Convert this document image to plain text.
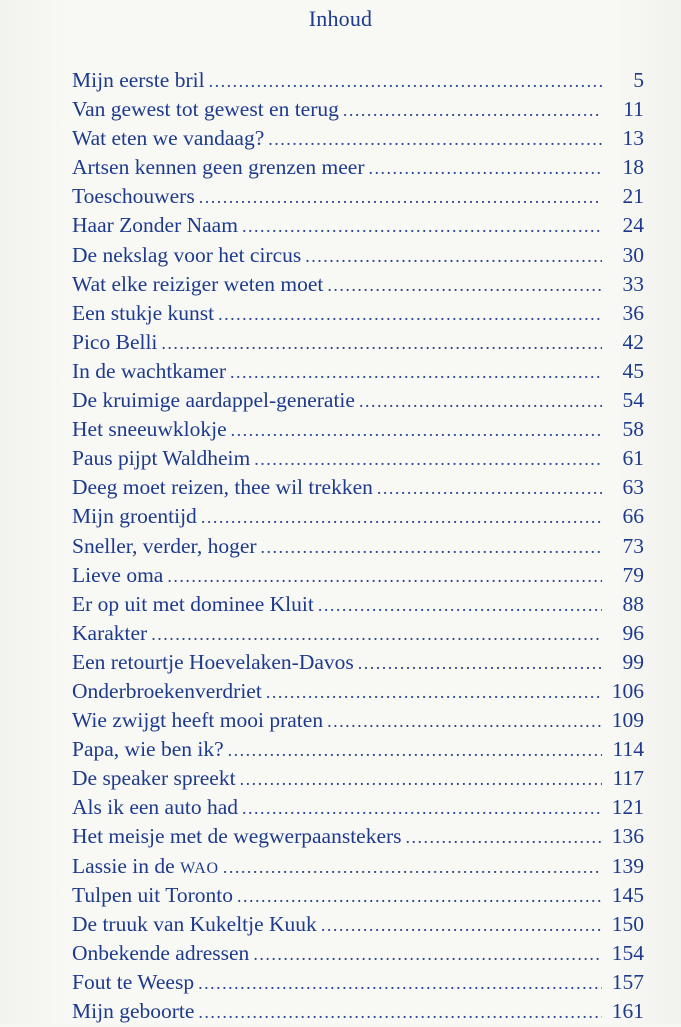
Inhoud
Mijn eerste bril .....	5
Van gewest tot gewest en terug .....	11
Wat eten we vandaag? .....	13
Artsen kennen geen grenzen meer .....	18
Toeschouwers .....	21
Haar Zonder Naam .....	24
De nekslag voor het circus .....	30
Wat elke reiziger weten moet .....	33
Een stukje kunst .....	36
Pico Belli .....	42
In de wachtkamer .....	45
De kruimige aardappel-generatie .....	54
Het sneeuwklokje .....	58
Paus pijpt Waldheim .....	61
Deeg moet reizen, thee wil trekken .....	63
Mijn groentijd .....	66
Sneller, verder, hoger .....	73
Lieve oma .....	79
Er op uit met dominee Kluit .....	88
Karakter .....	96
Een retourtje Hoevelaken-Davos .....	99
Onderbroekenverdriet .....	106
Wie zwijgt heeft mooi praten .....	109
Papa, wie ben ik? .....	114
De speaker spreekt .....	117
Als ik een auto had .....	121
Het meisje met de wegwerpaanstekers .....	136
Lassie in de WAO .....	139
Tulpen uit Toronto .....	145
De truuk van Kukeltje Kuuk .....	150
Onbekende adressen .....	154
Fout te Weesp .....	157
Mijn geboorte .....	161
